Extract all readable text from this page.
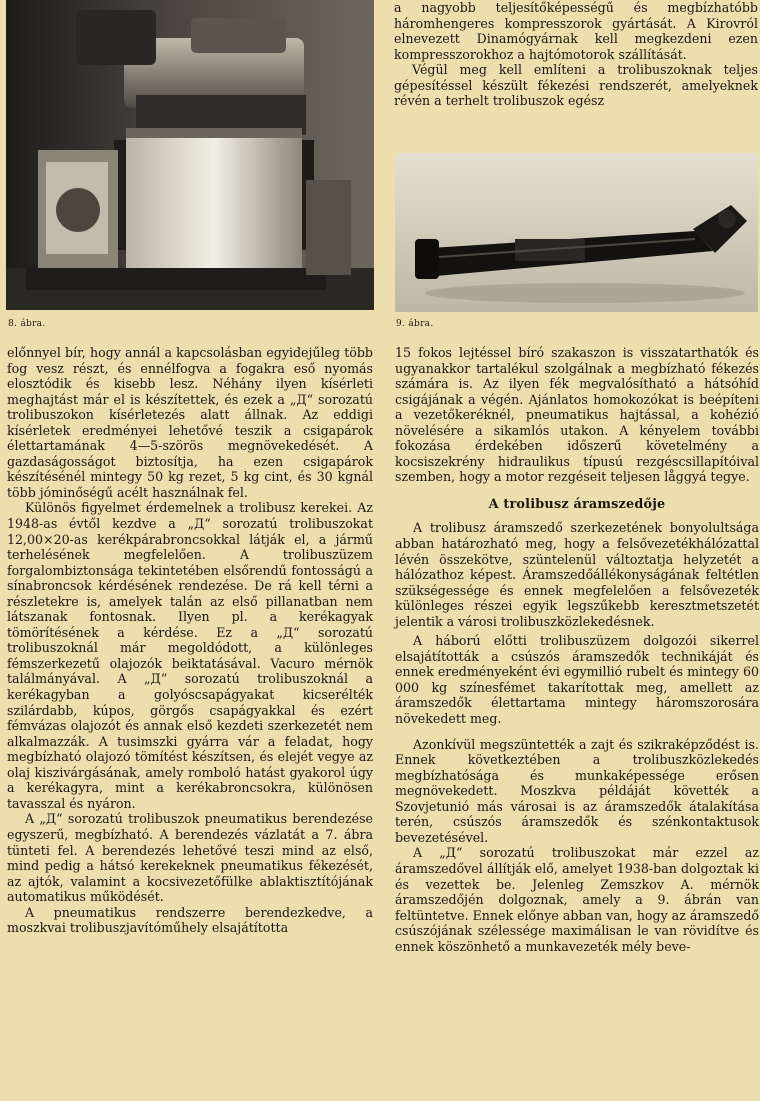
8. ábra.

a nagyobb teljesítőképességű és megbízhatóbb háromhengeres kompresszorok gyártását. A Kirovról elnevezett Dinamógyárnak kell megkezdeni ezen kompresszorokhoz a hajtómotorok szállítását.

Végül meg kell említeni a trolibuszoknak teljes gépesítéssel készült fékezési rendszerét, amelyeknek révén a terhelt trolibuszok egész

9. ábra.

előnnyel bír, hogy annál a kapcsolásban egyidejűleg több fog vesz részt, és ennélfogva a fogakra eső nyomás elosztódik és kisebb lesz. Néhány ilyen kísérleti meghajtást már el is készítettek, és ezek a „Д“ sorozatú trolibuszokon kísérletezés alatt állnak. Az eddigi kísérletek eredményei lehetővé teszik a csigapárok élettartamának 4—5-szörös megnövekedését. A gazdaságosságot biztosítja, ha ezen csigapárok készítésénél mintegy 50 kg rezet, 5 kg cint, és 30 kgnál több jóminőségű acélt használnak fel.

Különös figyelmet érdemelnek a trolibusz kerekei. Az 1948-as évtől kezdve a „Д“ sorozatú trolibuszokat 12,00×20-as kerékpárabroncsokkal látják el, a jármű terhelésének megfelelően. A trolibuszüzem forgalombiztonsága tekintetében elsőrendű fontosságú a sínabroncsok kérdésének rendezése. De rá kell térni a részletekre is, amelyek talán az első pillanatban nem látszanak fontosnak. Ilyen pl. a kerékagyak tömörítésének a kérdése. Ez a „Д“ sorozatú trolibuszoknál már megoldódott, a különleges fémszerkezetű olajozók beiktatásával. Vacuro mérnök találmányával. A „Д“ sorozatú trolibuszoknál a kerékagyban a golyóscsapágyakat kicserélték szilárdabb, kúpos, görgős csapágyakkal és ezért fémvázas olajozót és annak első kezdeti szerkezetét nem alkalmazzák. A tusimszki gyárra vár a feladat, hogy megbízható olajozó tömítést készítsen, és elejét vegye az olaj kiszivárgásának, amely romboló hatást gyakorol úgy a kerékagyra, mint a kerékabroncsokra, különösen tavasszal és nyáron.

A „Д“ sorozatú trolibuszok pneumatikus berendezése egyszerű, megbízható. A berendezés vázlatát a 7. ábra tünteti fel. A berendezés lehetővé teszi mind az első, mind pedig a hátsó kerekeknek pneumatikus fékezését, az ajtók, valamint a kocsivezetőfülke ablaktisztítójának automatikus működését.

A pneumatikus rendszerre berendezkedve, a moszkvai trolibuszjavítóműhely elsajátította

15 fokos lejtéssel bíró szakaszon is visszatarthatók és ugyanakkor tartalékul szolgálnak a megbízható fékezés számára is. Az ilyen fék megvalósítható a hátsóhíd csigájának a végén. Ajánlatos homokozókat is beépíteni a vezetőkeréknél, pneumatikus hajtással, a kohézió növelésére a sikamlós utakon. A kényelem további fokozása érdekében időszerű követelmény a kocsiszekrény hidraulikus típusú rezgéscsillapítóival szemben, hogy a motor rezgéseit teljesen låggyá tegye.

A trolibusz áramszedője

A trolibusz áramszedő szerkezetének bonyolultsága abban határozható meg, hogy a felsővezetékhálózattal lévén összekötve, szüntelenül változtatja helyzetét a hálózathoz képest. Áramszedőállékonyságának feltétlen szükségessége és ennek megfelelően a felsővezeték különleges részei egyik legszűkebb keresztmetszetét jelentik a városi trolibuszközlekedésnek.

A háború előtti trolibuszüzem dolgozói sikerrel elsajátították a csúszós áramszedők technikáját és ennek eredményeként évi egymillió rubelt és mintegy 60 000 kg színesfémet takarítottak meg, amellett az áramszedők élettartama mintegy háromszorosára növekedett meg.

Azonkívül megszüntették a zajt és szikraképződést is. Ennek következtében a trolibuszközlekedés megbízhatósága és munkaképessége erősen megnövekedett. Moszkva példáját követték a Szovjetunió más városai is az áramszedők átalakítása terén, csúszós áramszedők és szénkontaktusok bevezetésével.

A „Д“ sorozatú trolibuszokat már ezzel az áramszedővel állítják elő, amelyet 1938-ban dolgoztak ki és vezettek be. Jelenleg Zemszkov A. mérnök áramszedőjén dolgoznak, amely a 9. ábrán van feltüntetve. Ennek előnye abban van, hogy az áramszedő csúszójának szélessége maximálisan le van rövidítve és ennek köszönhető a munkavezeték mély beve-
